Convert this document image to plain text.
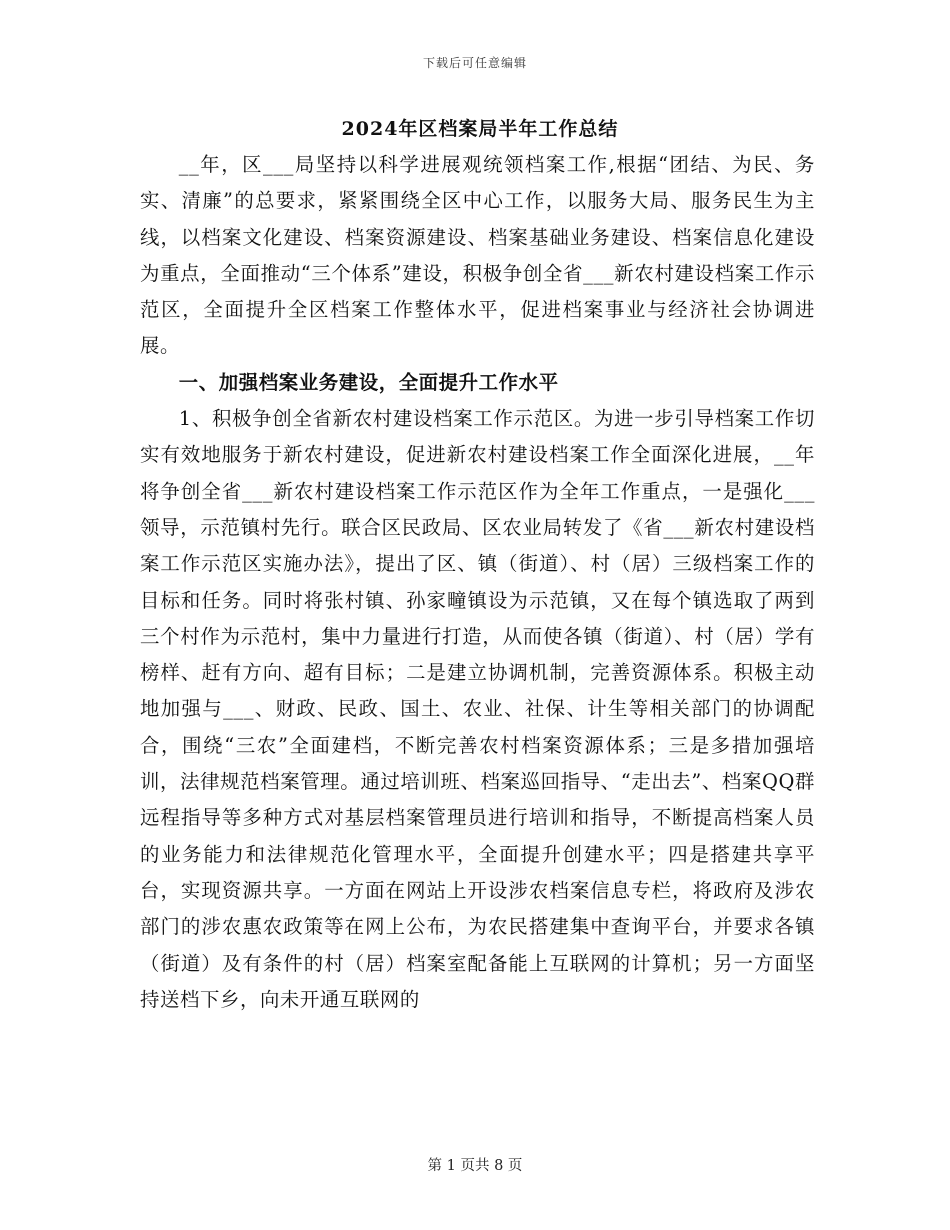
下载后可任意编辑
2024年区档案局半年工作总结

__年，区___局坚持以科学进展观统领档案工作,根据“团结、为民、务实、清廉”的总要求，紧紧围绕全区中心工作，以服务大局、服务民生为主线，以档案文化建设、档案资源建设、档案基础业务建设、档案信息化建设为重点，全面推动“三个体系”建设，积极争创全省___新农村建设档案工作示范区，全面提升全区档案工作整体水平，促进档案事业与经济社会协调进展。

一、加强档案业务建设，全面提升工作水平

1、积极争创全省新农村建设档案工作示范区。为进一步引导档案工作切实有效地服务于新农村建设，促进新农村建设档案工作全面深化进展，__年将争创全省___新农村建设档案工作示范区作为全年工作重点，一是强化___领导，示范镇村先行。联合区民政局、区农业局转发了《省___新农村建设档案工作示范区实施办法》，提出了区、镇（街道）、村（居）三级档案工作的目标和任务。同时将张村镇、孙家疃镇设为示范镇，又在每个镇选取了两到三个村作为示范村，集中力量进行打造，从而使各镇（街道）、村（居）学有榜样、赶有方向、超有目标；二是建立协调机制，完善资源体系。积极主动地加强与___、财政、民政、国土、农业、社保、计生等相关部门的协调配合，围绕“三农”全面建档，不断完善农村档案资源体系；三是多措加强培训，法律规范档案管理。通过培训班、档案巡回指导、“走出去”、档案QQ群远程指导等多种方式对基层档案管理员进行培训和指导，不断提高档案人员的业务能力和法律规范化管理水平，全面提升创建水平；四是搭建共享平台，实现资源共享。一方面在网站上开设涉农档案信息专栏，将政府及涉农部门的涉农惠农政策等在网上公布，为农民搭建集中查询平台，并要求各镇（街道）及有条件的村（居）档案室配备能上互联网的计算机；另一方面坚持送档下乡，向未开通互联网的

第 1 页共 8 页
